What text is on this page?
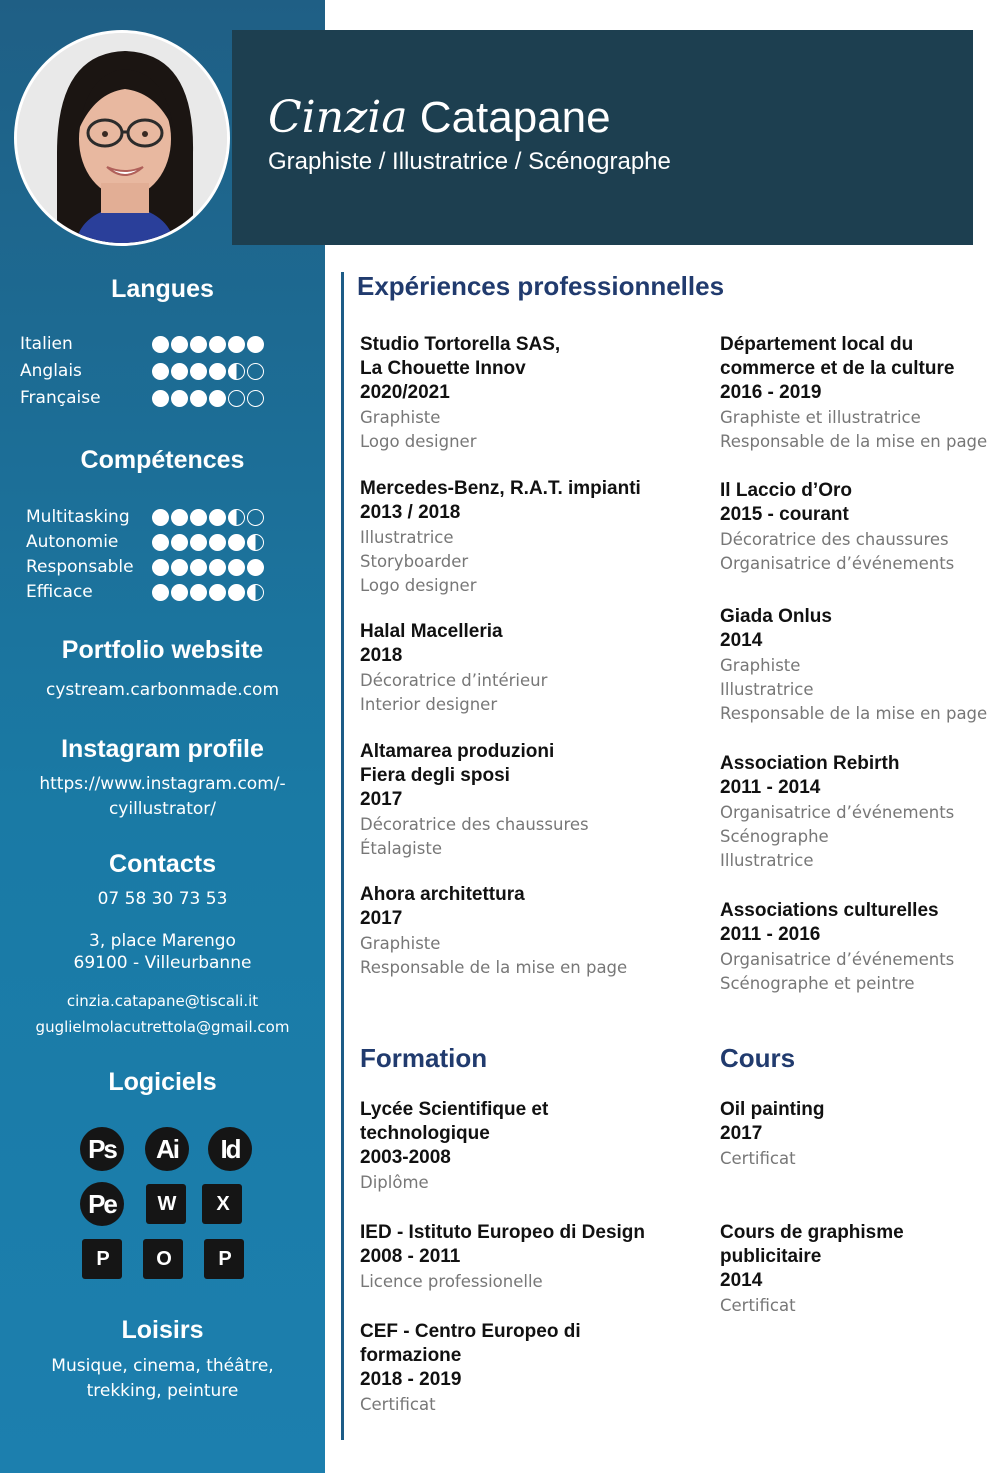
Langues
Italien
Anglais
Française
Compétences
Multitasking
Autonomie
Responsable
Efficace
Portfolio website
cystream.carbonmade.com
Instagram profile
https://www.instagram.com/-
cyillustrator/
Contacts
07 58 30 73 53
3, place Marengo
69100 - Villeurbanne
cinzia.catapane@tiscali.it
guglielmolacutrettola@gmail.com
Logiciels
Ps	Ai	Id
Pe	W	X
P	O	P
Loisirs
Musique, cinema, théâtre,
trekking, peinture
Cinzia Catapane
Graphiste / Illustratrice / Scénographe
Expériences professionnelles
Studio Tortorella SAS,
La Chouette Innov
2020/2021
Graphiste
Logo designer
Mercedes-Benz, R.A.T. impianti
2013 / 2018
Illustratrice
Storyboarder
Logo designer
Halal Macelleria
2018
Décoratrice d’intérieur
Interior designer
Altamarea produzioni
Fiera degli sposi
2017
Décoratrice des chaussures
Étalagiste
Ahora architettura
2017
Graphiste
Responsable de la mise en page
Département local du
commerce et de la culture
2016 - 2019
Graphiste et illustratrice
Responsable de la mise en page
Il Laccio d’Oro
2015 - courant
Décoratrice des chaussures
Organisatrice d’événements
Giada Onlus
2014
Graphiste
Illustratrice
Responsable de la mise en page
Association Rebirth
2011 - 2014
Organisatrice d’événements
Scénographe
Illustratrice
Associations culturelles
2011 - 2016
Organisatrice d’événements
Scénographe et peintre
Formation	Cours
Lycée Scientifique et
technologique
2003-2008
Diplôme
IED - Istituto Europeo di Design
2008 - 2011
Licence professionelle
CEF - Centro Europeo di
formazione
2018 - 2019
Certificat
Oil painting
2017
Certificat
Cours de graphisme
publicitaire
2014
Certificat
